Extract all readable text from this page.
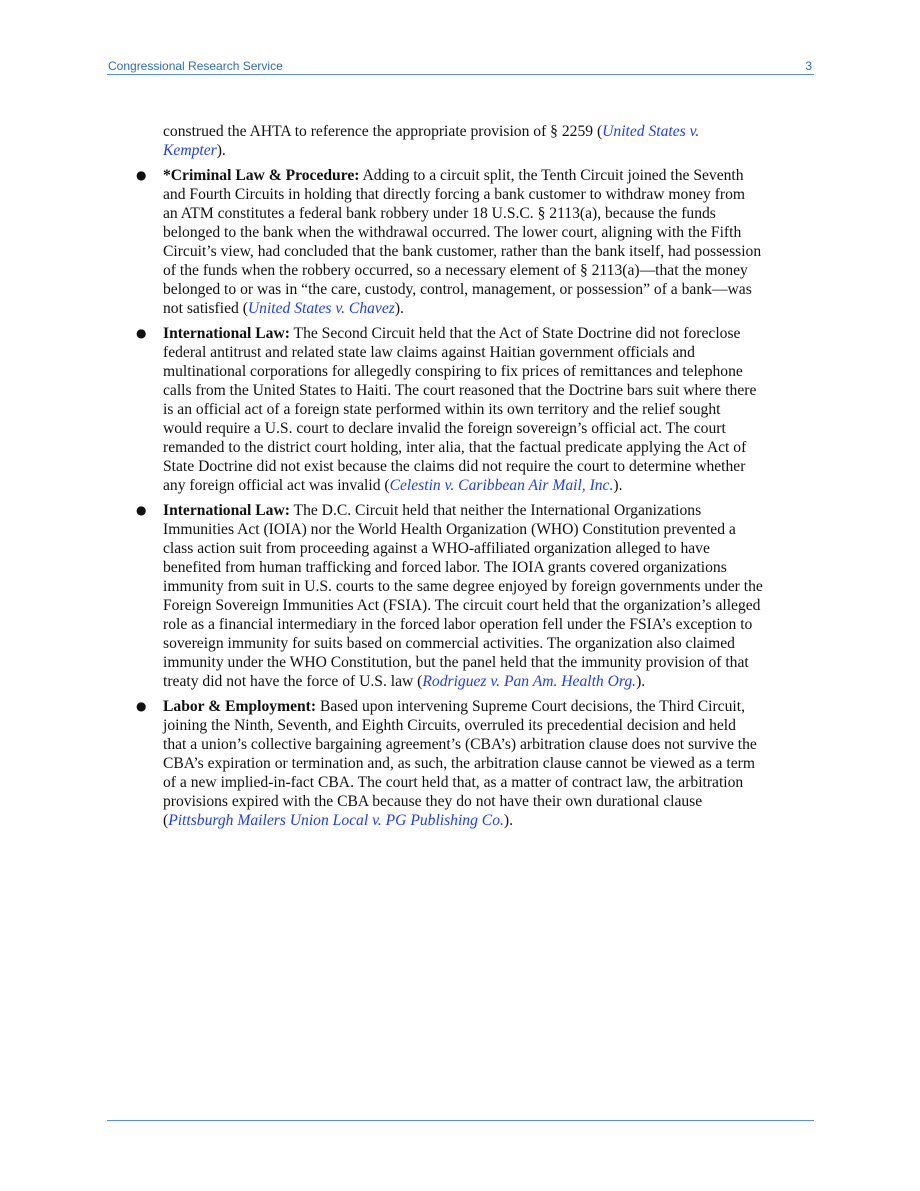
Congressional Research Service	3

construed the AHTA to reference the appropriate provision of § 2259 (United States v. Kempter).

● *Criminal Law & Procedure: Adding to a circuit split, the Tenth Circuit joined the Seventh and Fourth Circuits in holding that directly forcing a bank customer to withdraw money from an ATM constitutes a federal bank robbery under 18 U.S.C. § 2113(a), because the funds belonged to the bank when the withdrawal occurred. The lower court, aligning with the Fifth Circuit’s view, had concluded that the bank customer, rather than the bank itself, had possession of the funds when the robbery occurred, so a necessary element of § 2113(a)—that the money belonged to or was in “the care, custody, control, management, or possession” of a bank—was not satisfied (United States v. Chavez).
● International Law: The Second Circuit held that the Act of State Doctrine did not foreclose federal antitrust and related state law claims against Haitian government officials and multinational corporations for allegedly conspiring to fix prices of remittances and telephone calls from the United States to Haiti. The court reasoned that the Doctrine bars suit where there is an official act of a foreign state performed within its own territory and the relief sought would require a U.S. court to declare invalid the foreign sovereign’s official act. The court remanded to the district court holding, inter alia, that the factual predicate applying the Act of State Doctrine did not exist because the claims did not require the court to determine whether any foreign official act was invalid (Celestin v. Caribbean Air Mail, Inc.).
● International Law: The D.C. Circuit held that neither the International Organizations Immunities Act (IOIA) nor the World Health Organization (WHO) Constitution prevented a class action suit from proceeding against a WHO-affiliated organization alleged to have benefited from human trafficking and forced labor. The IOIA grants covered organizations immunity from suit in U.S. courts to the same degree enjoyed by foreign governments under the Foreign Sovereign Immunities Act (FSIA). The circuit court held that the organization’s alleged role as a financial intermediary in the forced labor operation fell under the FSIA’s exception to sovereign immunity for suits based on commercial activities. The organization also claimed immunity under the WHO Constitution, but the panel held that the immunity provision of that treaty did not have the force of U.S. law (Rodriguez v. Pan Am. Health Org.).
● Labor & Employment: Based upon intervening Supreme Court decisions, the Third Circuit, joining the Ninth, Seventh, and Eighth Circuits, overruled its precedential decision and held that a union’s collective bargaining agreement’s (CBA’s) arbitration clause does not survive the CBA’s expiration or termination and, as such, the arbitration clause cannot be viewed as a term of a new implied-in-fact CBA. The court held that, as a matter of contract law, the arbitration provisions expired with the CBA because they do not have their own durational clause (Pittsburgh Mailers Union Local v. PG Publishing Co.).
